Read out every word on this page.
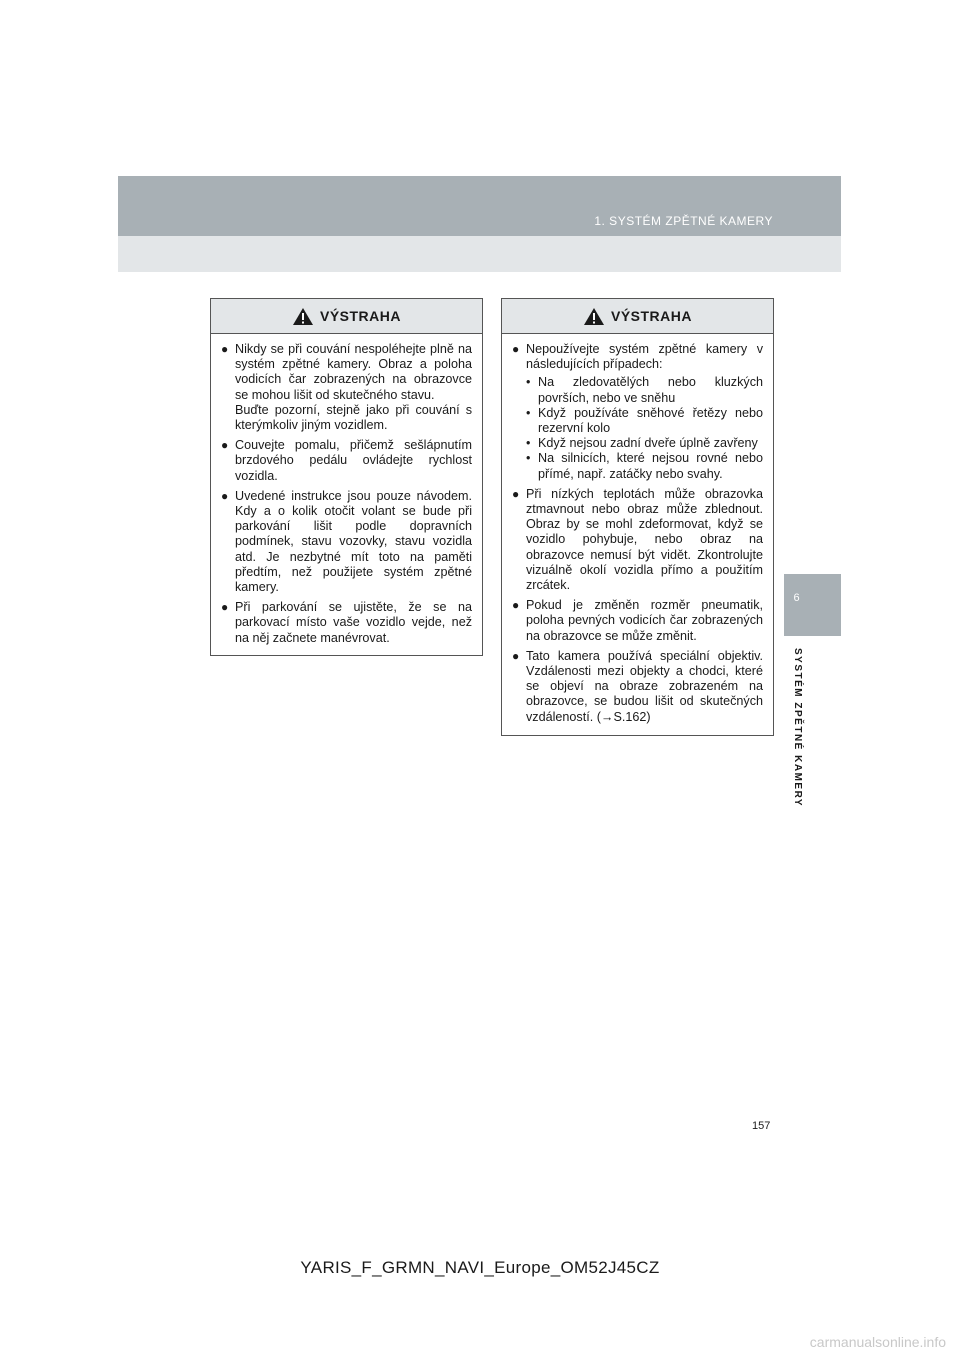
1. SYSTÉM ZPĚTNÉ KAMERY
6
SYSTÉM ZPĚTNÉ KAMERY
VÝSTRAHA
● Nikdy se při couvání nespoléhejte plně na systém zpětné kamery. Obraz a poloha vodicích čar zobrazených na obrazovce se mohou lišit od skutečného stavu.
Buďte pozorní, stejně jako při couvání s kterýmkoliv jiným vozidlem.
● Couvejte pomalu, přičemž sešlápnutím brzdového pedálu ovládejte rychlost vozidla.
● Uvedené instrukce jsou pouze návodem. Kdy a o kolik otočit volant se bude při parkování lišit podle dopravních podmínek, stavu vozovky, stavu vozidla atd. Je nezbytné mít toto na paměti předtím, než použijete systém zpětné kamery.
● Při parkování se ujistěte, že se na parkovací místo vaše vozidlo vejde, než na něj začnete manévrovat.
VÝSTRAHA
● Nepoužívejte systém zpětné kamery v následujících případech:
• Na zledovatělých nebo kluzkých površích, nebo ve sněhu
• Když používáte sněhové řetězy nebo rezervní kolo
• Když nejsou zadní dveře úplně zavřeny
• Na silnicích, které nejsou rovné nebo přímé, např. zatáčky nebo svahy.
● Při nízkých teplotách může obrazovka ztmavnout nebo obraz může zblednout. Obraz by se mohl zdeformovat, když se vozidlo pohybuje, nebo obraz na obrazovce nemusí být vidět. Zkontrolujte vizuálně okolí vozidla přímo a použitím zrcátek.
● Pokud je změněn rozměr pneumatik, poloha pevných vodicích čar zobrazených na obrazovce se může změnit.
● Tato kamera používá speciální objektiv. Vzdálenosti mezi objekty a chodci, které se objeví na obraze zobrazeném na obrazovce, se budou lišit od skutečných vzdáleností. (→S.162)
157
YARIS_F_GRMN_NAVI_Europe_OM52J45CZ
carmanualsonline.info
